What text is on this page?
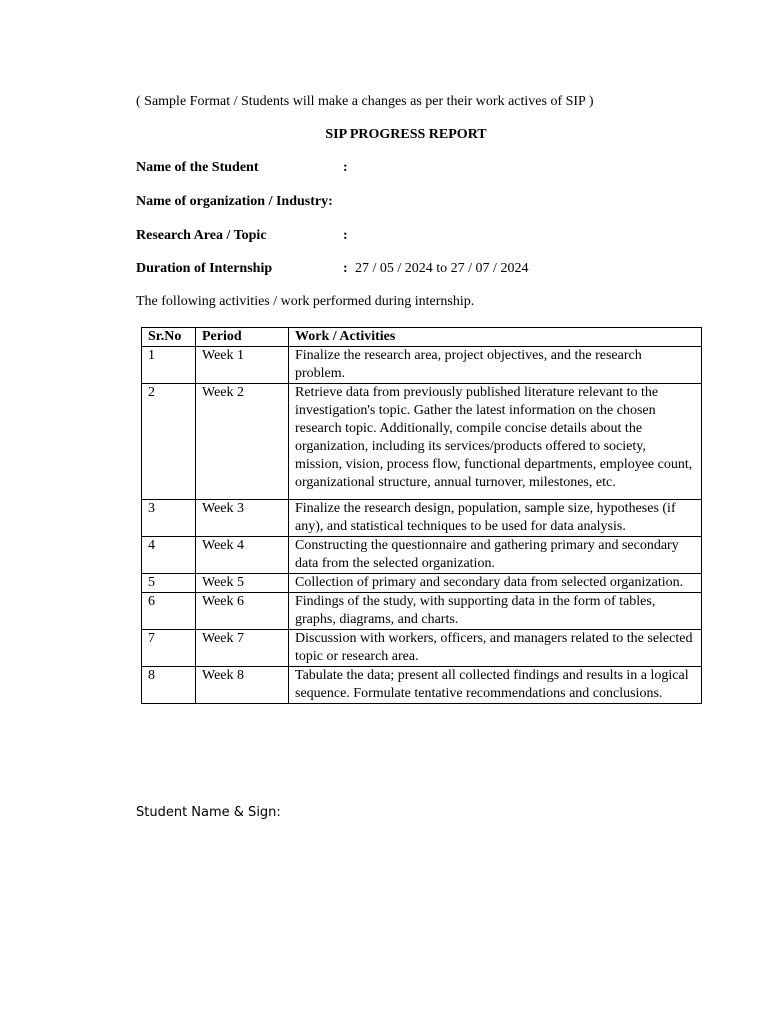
( Sample Format / Students will make a changes as per their work actives of SIP )
SIP PROGRESS REPORT
Name of the Student	:
Name of organization / Industry:
Research Area / Topic	:
Duration of Internship	: 27 / 05 / 2024 to 27 / 07 / 2024
The following activities / work performed during internship.
Sr.No	Period	Work / Activities
1	Week 1	Finalize the research area, project objectives, and the research problem.
2	Week 2	Retrieve data from previously published literature relevant to the investigation's topic. Gather the latest information on the chosen research topic. Additionally, compile concise details about the organization, including its services/products offered to society, mission, vision, process flow, functional departments, employee count, organizational structure, annual turnover, milestones, etc.
3	Week 3	Finalize the research design, population, sample size, hypotheses (if any), and statistical techniques to be used for data analysis.
4	Week 4	Constructing the questionnaire and gathering primary and secondary data from the selected organization.
5	Week 5	Collection of primary and secondary data from selected organization.
6	Week 6	Findings of the study, with supporting data in the form of tables, graphs, diagrams, and charts.
7	Week 7	Discussion with workers, officers, and managers related to the selected topic or research area.
8	Week 8	Tabulate the data; present all collected findings and results in a logical sequence. Formulate tentative recommendations and conclusions.
Student Name & Sign:
